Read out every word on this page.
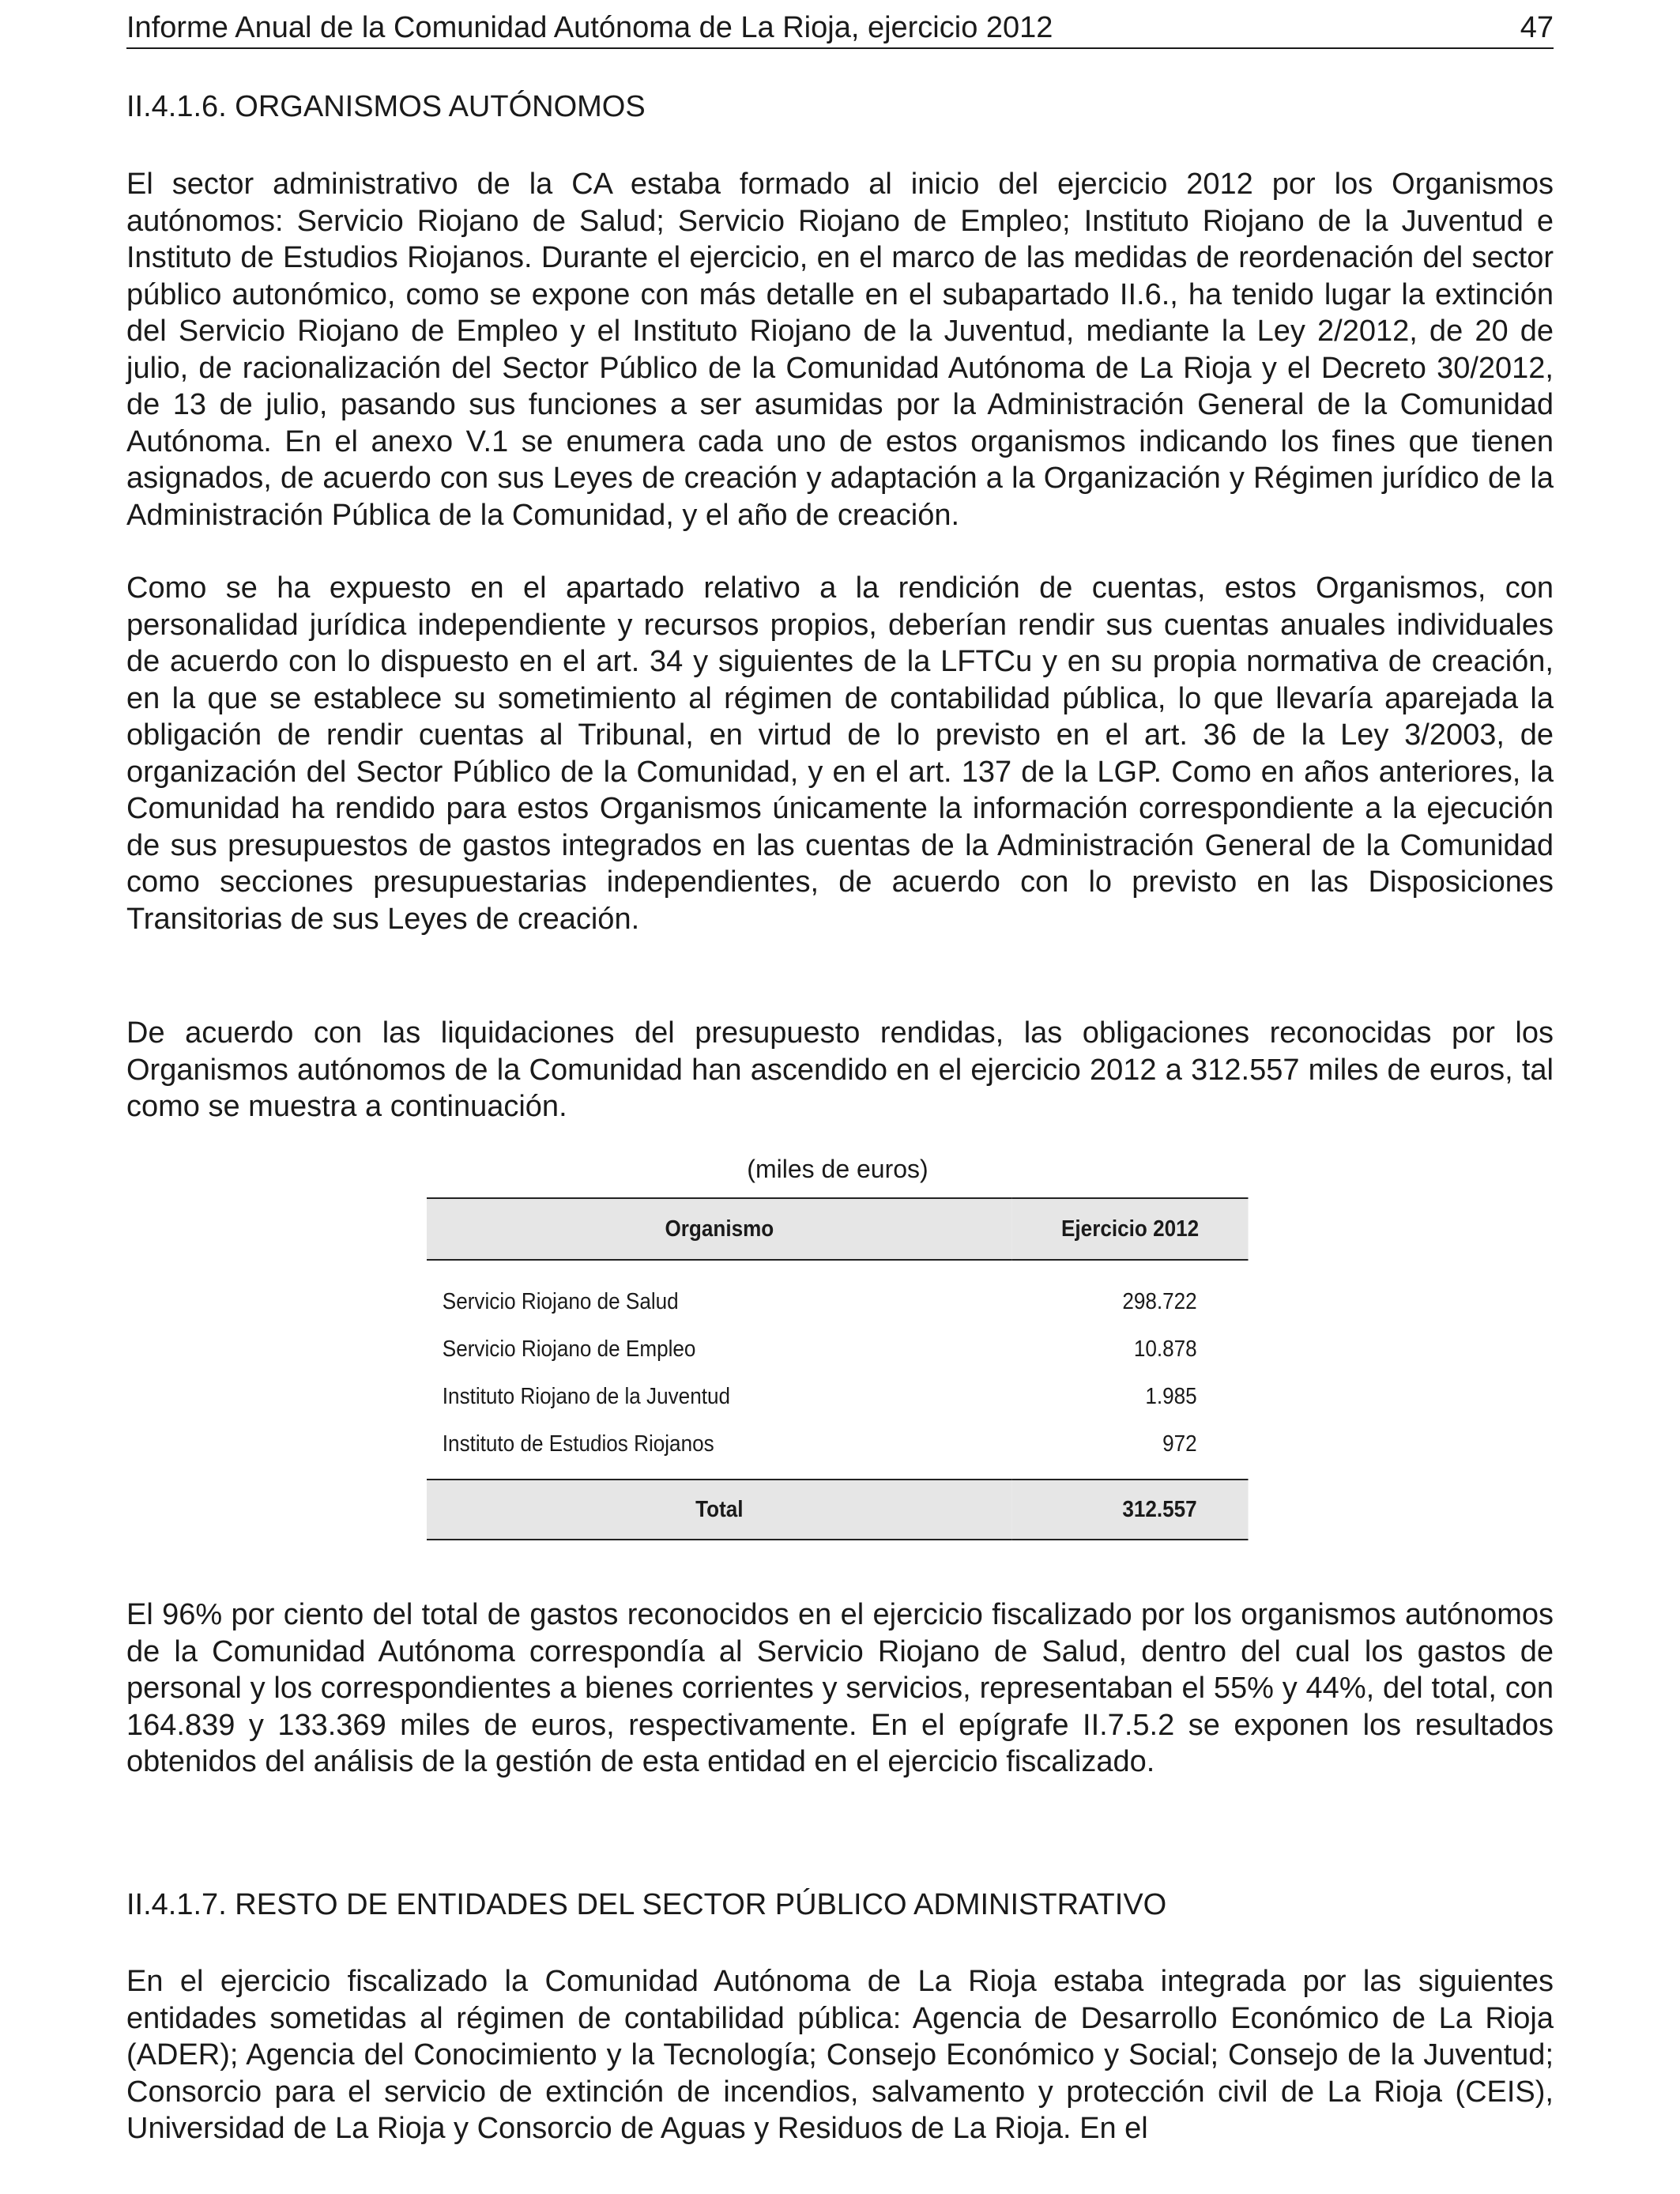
Informe Anual de la Comunidad Autónoma de La Rioja, ejercicio 2012	47
II.4.1.6. ORGANISMOS AUTÓNOMOS
El sector administrativo de la CA estaba formado al inicio del ejercicio 2012 por los Organismos autónomos: Servicio Riojano de Salud; Servicio Riojano de Empleo; Instituto Riojano de la Juventud e Instituto de Estudios Riojanos. Durante el ejercicio, en el marco de las medidas de reordenación del sector público autonómico, como se expone con más detalle en el subapartado II.6., ha tenido lugar la extinción del Servicio Riojano de Empleo y el Instituto Riojano de la Juventud, mediante la Ley 2/2012, de 20 de julio, de racionalización del Sector Público de la Comunidad Autónoma de La Rioja y el Decreto 30/2012, de 13 de julio, pasando sus funciones a ser asumidas por la Administración General de la Comunidad Autónoma. En el anexo V.1 se enumera cada uno de estos organismos indicando los fines que tienen asignados, de acuerdo con sus Leyes de creación y adaptación a la Organización y Régimen jurídico de la Administración Pública de la Comunidad, y el año de creación.
Como se ha expuesto en el apartado relativo a la rendición de cuentas, estos Organismos, con personalidad jurídica independiente y recursos propios, deberían rendir sus cuentas anuales individuales de acuerdo con lo dispuesto en el art. 34 y siguientes de la LFTCu y en su propia normativa de creación, en la que se establece su sometimiento al régimen de contabilidad pública, lo que llevaría aparejada la obligación de rendir cuentas al Tribunal, en virtud de lo previsto en el art. 36 de la Ley 3/2003, de organización del Sector Público de la Comunidad, y en el art. 137 de la LGP. Como en años anteriores, la Comunidad ha rendido para estos Organismos únicamente la información correspondiente a la ejecución de sus presupuestos de gastos integrados en las cuentas de la Administración General de la Comunidad como secciones presupuestarias independientes, de acuerdo con lo previsto en las Disposiciones Transitorias de sus Leyes de creación.
De acuerdo con las liquidaciones del presupuesto rendidas, las obligaciones reconocidas por los Organismos autónomos de la Comunidad han ascendido en el ejercicio 2012 a 312.557 miles de euros, tal como se muestra a continuación.
(miles de euros)
Organismo	Ejercicio 2012
Servicio Riojano de Salud	298.722
Servicio Riojano de Empleo	10.878
Instituto Riojano de la Juventud	1.985
Instituto de Estudios Riojanos	972
Total	312.557
El 96% por ciento del total de gastos reconocidos en el ejercicio fiscalizado por los organismos autónomos de la Comunidad Autónoma correspondía al Servicio Riojano de Salud, dentro del cual los gastos de personal y los correspondientes a bienes corrientes y servicios, representaban el 55% y 44%, del total, con 164.839 y 133.369 miles de euros, respectivamente. En el epígrafe II.7.5.2 se exponen los resultados obtenidos del análisis de la gestión de esta entidad en el ejercicio fiscalizado.
II.4.1.7. RESTO DE ENTIDADES DEL SECTOR PÚBLICO ADMINISTRATIVO
En el ejercicio fiscalizado la Comunidad Autónoma de La Rioja estaba integrada por las siguientes entidades sometidas al régimen de contabilidad pública: Agencia de Desarrollo Económico de La Rioja (ADER); Agencia del Conocimiento y la Tecnología; Consejo Económico y Social; Consejo de la Juventud; Consorcio para el servicio de extinción de incendios, salvamento y protección civil de La Rioja (CEIS), Universidad de La Rioja y Consorcio de Aguas y Residuos de La Rioja. En el
